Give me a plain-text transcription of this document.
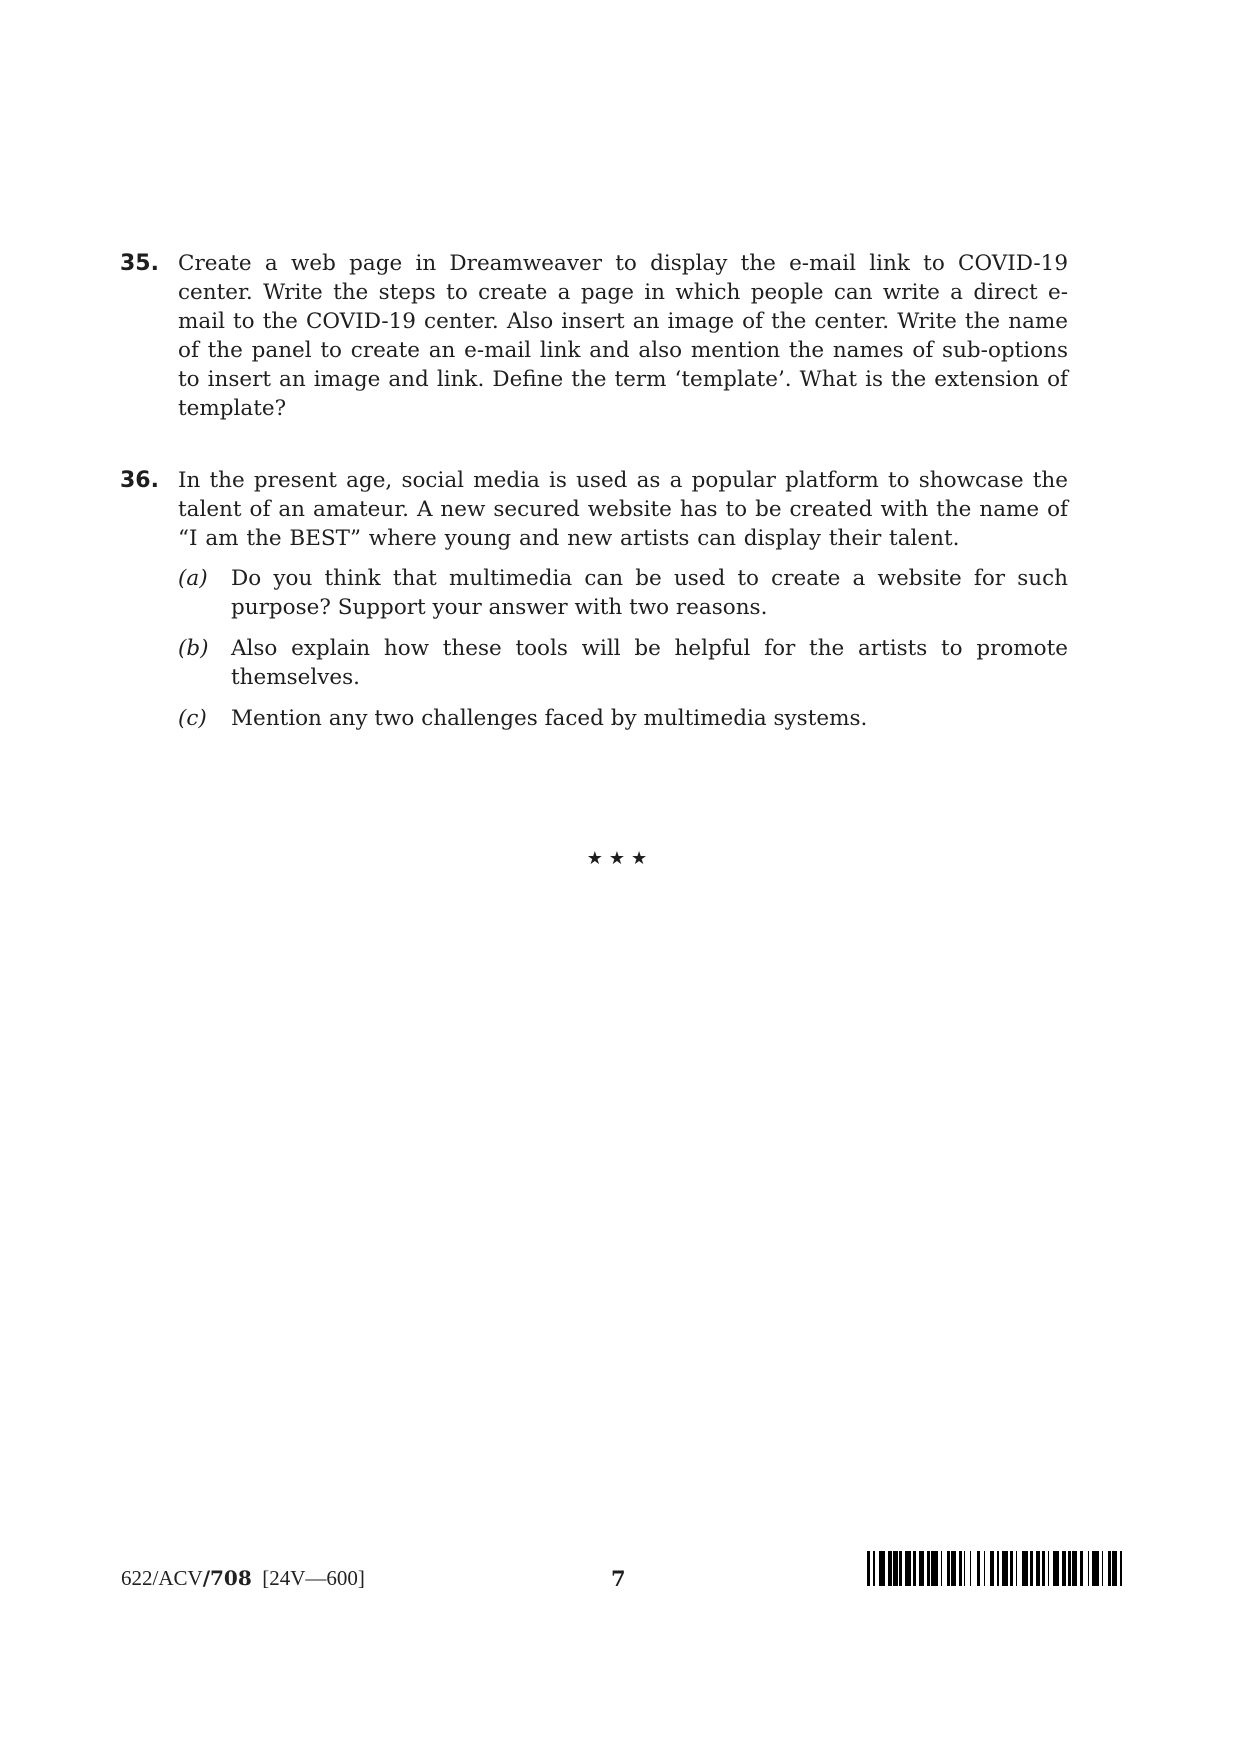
35. Create a web page in Dreamweaver to display the e-mail link to COVID-19 center. Write the steps to create a page in which people can write a direct e-mail to the COVID-19 center. Also insert an image of the center. Write the name of the panel to create an e-mail link and also mention the names of sub-options to insert an image and link. Define the term ‘template’. What is the extension of template?
36. In the present age, social media is used as a popular platform to showcase the talent of an amateur. A new secured website has to be created with the name of “I am the BEST” where young and new artists can display their talent.
(a) Do you think that multimedia can be used to create a website for such purpose? Support your answer with two reasons.
(b) Also explain how these tools will be helpful for the artists to promote themselves.
(c) Mention any two challenges faced by multimedia systems.
★★★
622/ACV/708 [24V—600]	7
